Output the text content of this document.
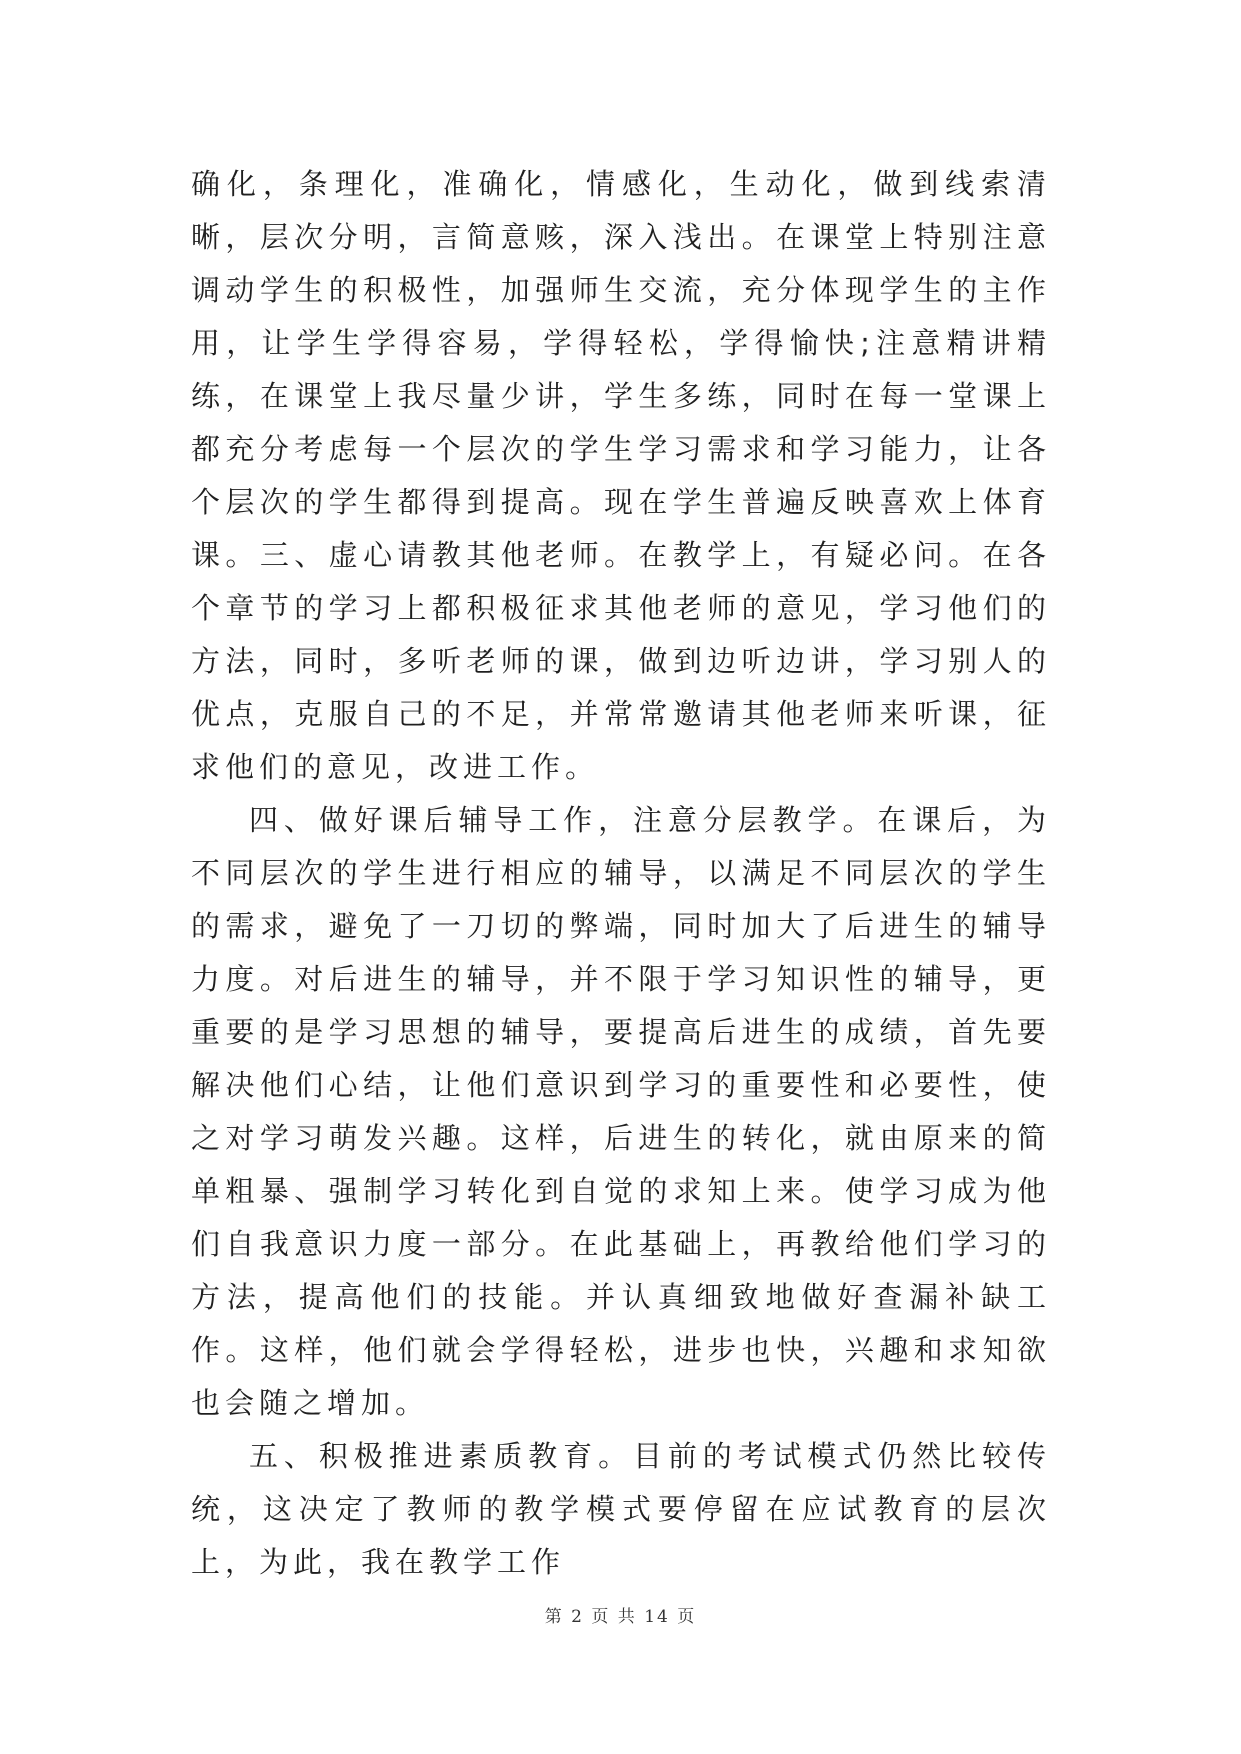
确化，条理化，准确化，情感化，生动化，做到线索清晰，层次分明，言简意赅，深入浅出。在课堂上特别注意调动学生的积极性，加强师生交流，充分体现学生的主作用，让学生学得容易，学得轻松，学得愉快;注意精讲精练，在课堂上我尽量少讲，学生多练，同时在每一堂课上都充分考虑每一个层次的学生学习需求和学习能力，让各个层次的学生都得到提高。现在学生普遍反映喜欢上体育课。三、虚心请教其他老师。在教学上，有疑必问。在各个章节的学习上都积极征求其他老师的意见，学习他们的方法，同时，多听老师的课，做到边听边讲，学习别人的优点，克服自己的不足，并常常邀请其他老师来听课，征求他们的意见，改进工作。

四、做好课后辅导工作，注意分层教学。在课后，为不同层次的学生进行相应的辅导，以满足不同层次的学生的需求，避免了一刀切的弊端，同时加大了后进生的辅导力度。对后进生的辅导，并不限于学习知识性的辅导，更重要的是学习思想的辅导，要提高后进生的成绩，首先要解决他们心结，让他们意识到学习的重要性和必要性，使之对学习萌发兴趣。这样，后进生的转化，就由原来的简单粗暴、强制学习转化到自觉的求知上来。使学习成为他们自我意识力度一部分。在此基础上，再教给他们学习的方法，提高他们的技能。并认真细致地做好查漏补缺工作。这样，他们就会学得轻松，进步也快，兴趣和求知欲也会随之增加。

五、积极推进素质教育。目前的考试模式仍然比较传统，这决定了教师的教学模式要停留在应试教育的层次上，为此，我在教学工作

第 2 页 共 14 页
